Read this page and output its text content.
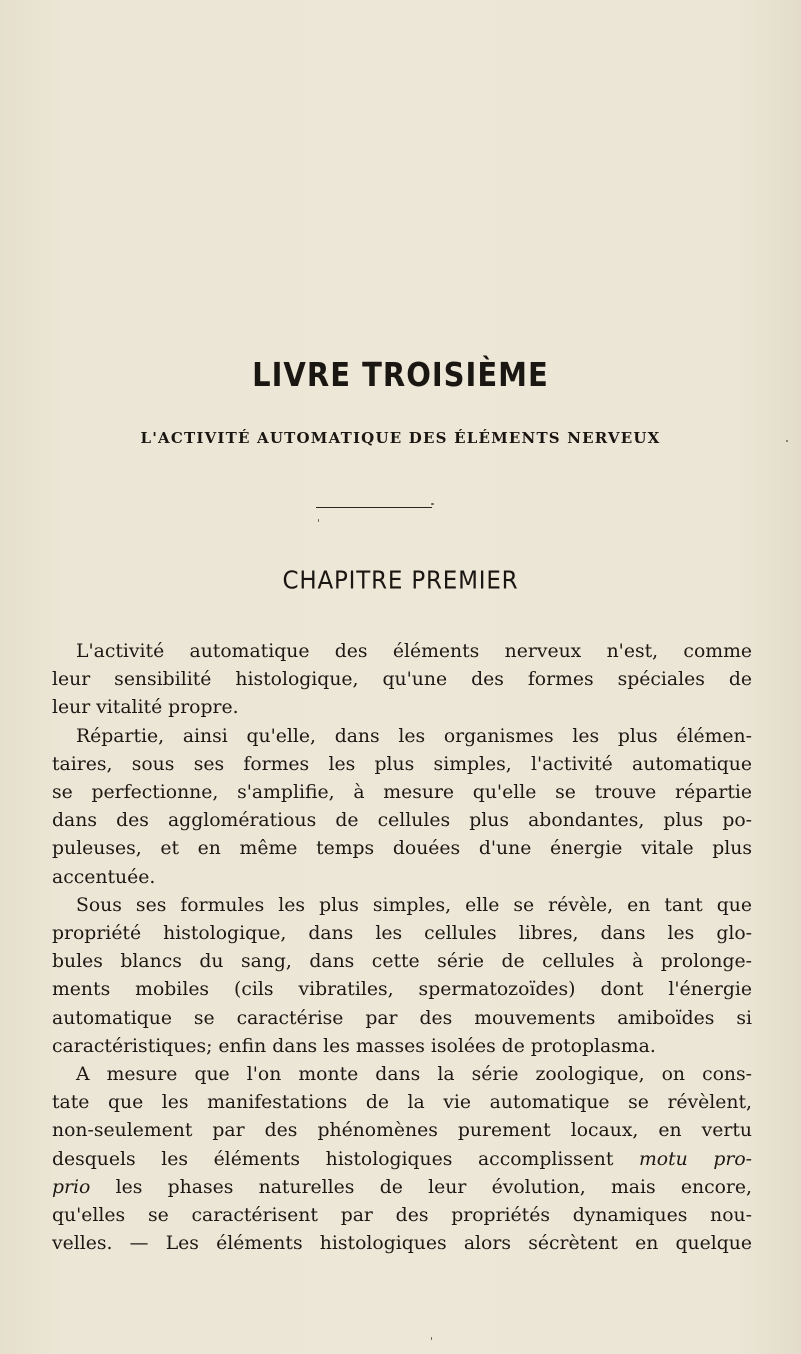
LIVRE TROISIÈME
L'ACTIVITÉ AUTOMATIQUE DES ÉLÉMENTS NERVEUX
CHAPITRE PREMIER
L'activité automatique des éléments nerveux n'est, comme
leur sensibilité histologique, qu'une des formes spéciales de
leur vitalité propre.
Répartie, ainsi qu'elle, dans les organismes les plus élémen-
taires, sous ses formes les plus simples, l'activité automatique
se perfectionne, s'amplifie, à mesure qu'elle se trouve répartie
dans des agglomératious de cellules plus abondantes, plus po-
puleuses, et en même temps douées d'une énergie vitale plus
accentuée.
Sous ses formules les plus simples, elle se révèle, en tant que
propriété histologique, dans les cellules libres, dans les glo-
bules blancs du sang, dans cette série de cellules à prolonge-
ments mobiles (cils vibratiles, spermatozoïdes) dont l'énergie
automatique se caractérise par des mouvements amiboïdes si
caractéristiques; enfin dans les masses isolées de protoplasma.
A mesure que l'on monte dans la série zoologique, on cons-
tate que les manifestations de la vie automatique se révèlent,
non-seulement par des phénomènes purement locaux, en vertu
desquels les éléments histologiques accomplissent motu pro-
prio les phases naturelles de leur évolution, mais encore,
qu'elles se caractérisent par des propriétés dynamiques nou-
velles. — Les éléments histologiques alors sécrètent en quelque
